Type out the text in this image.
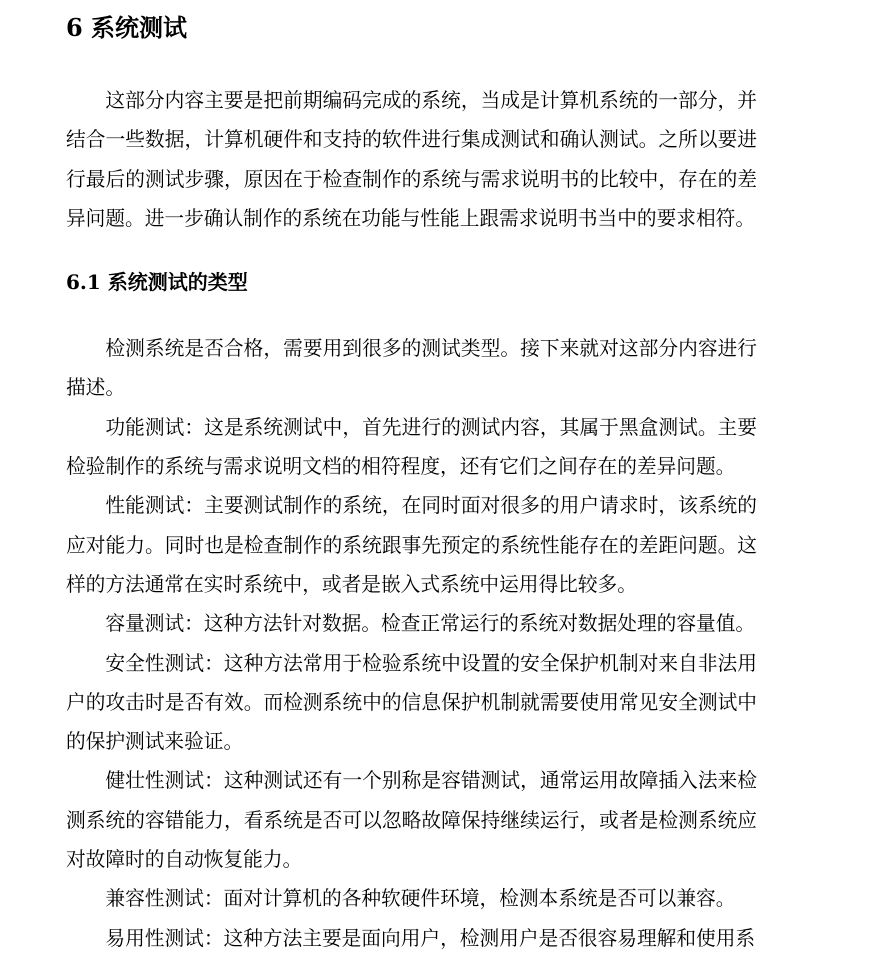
6 系统测试

这部分内容主要是把前期编码完成的系统，当成是计算机系统的一部分，并结合一些数据，计算机硬件和支持的软件进行集成测试和确认测试。之所以要进行最后的测试步骤，原因在于检查制作的系统与需求说明书的比较中，存在的差异问题。进一步确认制作的系统在功能与性能上跟需求说明书当中的要求相符。

6.1 系统测试的类型

检测系统是否合格，需要用到很多的测试类型。接下来就对这部分内容进行描述。

功能测试：这是系统测试中，首先进行的测试内容，其属于黑盒测试。主要检验制作的系统与需求说明文档的相符程度，还有它们之间存在的差异问题。

性能测试：主要测试制作的系统，在同时面对很多的用户请求时，该系统的应对能力。同时也是检查制作的系统跟事先预定的系统性能存在的差距问题。这样的方法通常在实时系统中，或者是嵌入式系统中运用得比较多。

容量测试：这种方法针对数据。检查正常运行的系统对数据处理的容量值。

安全性测试：这种方法常用于检验系统中设置的安全保护机制对来自非法用户的攻击时是否有效。而检测系统中的信息保护机制就需要使用常见安全测试中的保护测试来验证。

健壮性测试：这种测试还有一个别称是容错测试，通常运用故障插入法来检测系统的容错能力，看系统是否可以忽略故障保持继续运行，或者是检测系统应对故障时的自动恢复能力。

兼容性测试：面对计算机的各种软硬件环境，检测本系统是否可以兼容。

易用性测试：这种方法主要是面向用户，检测用户是否很容易理解和使用系
